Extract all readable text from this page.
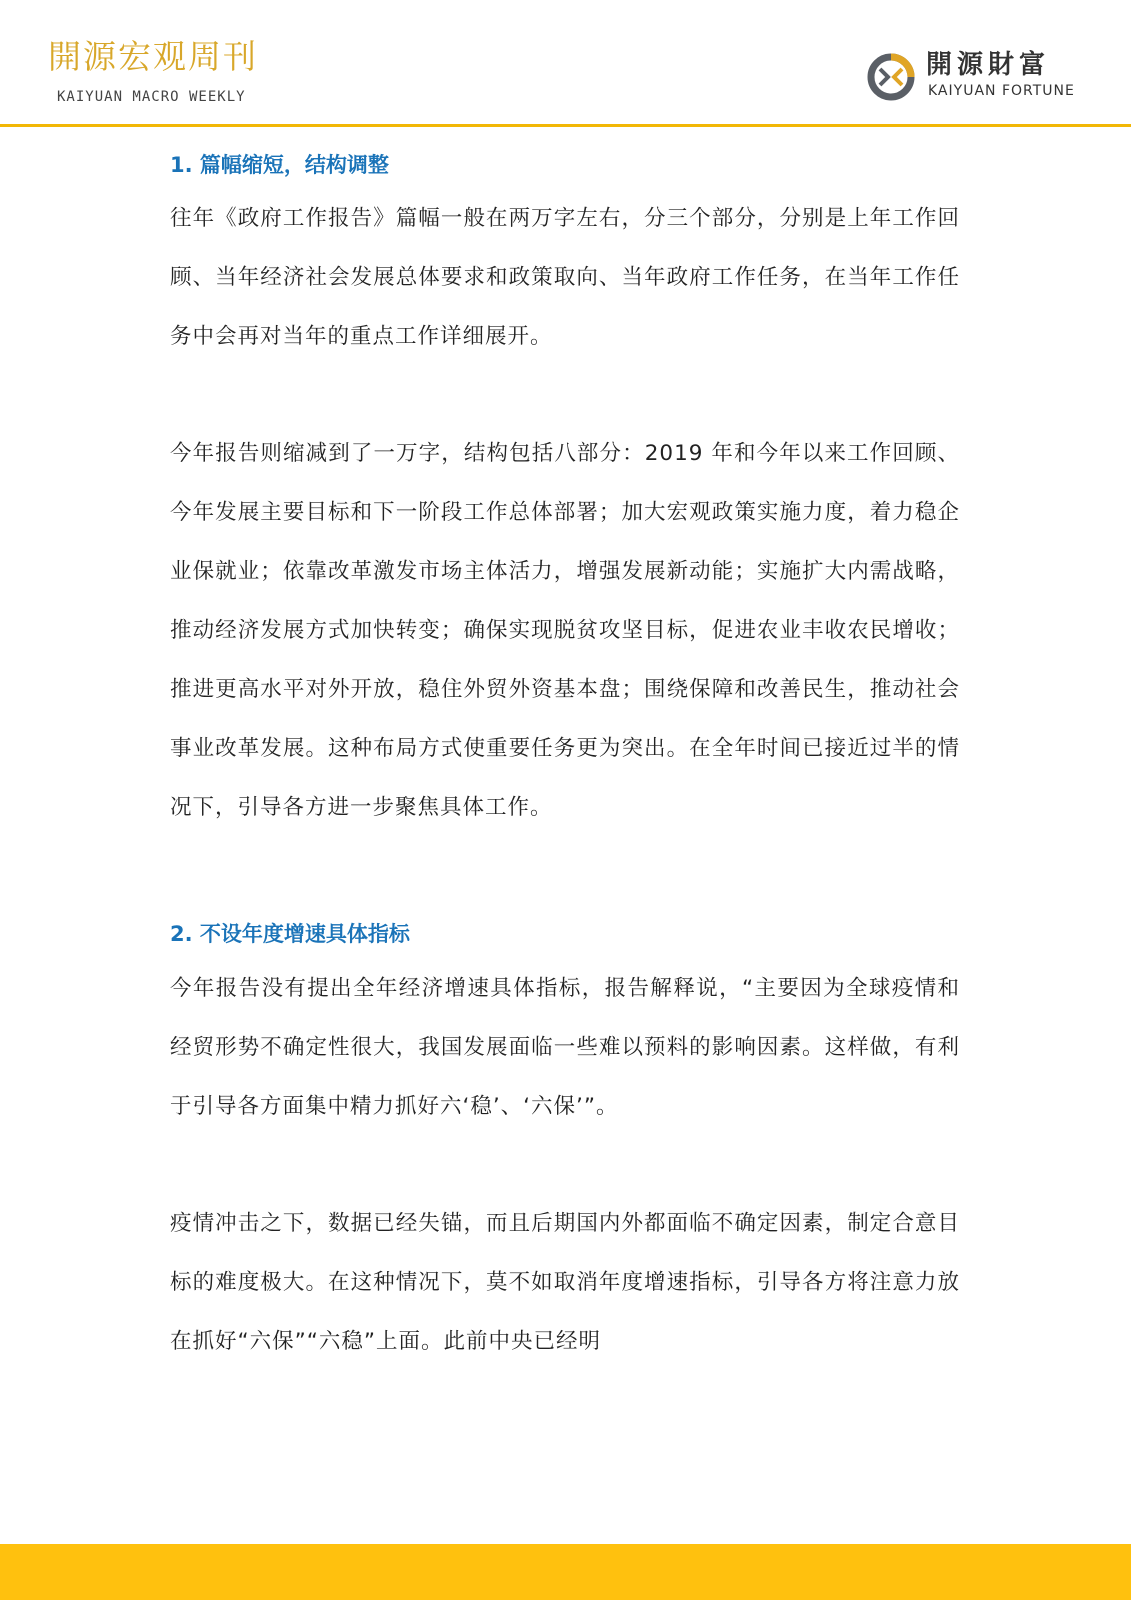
開源宏观周刊
KAIYUAN MACRO WEEKLY
開源財富
KAIYUAN FORTUNE
1. 篇幅缩短，结构调整

往年《政府工作报告》篇幅一般在两万字左右，分三个部分，分别是上年工作回顾、当年经济社会发展总体要求和政策取向、当年政府工作任务，在当年工作任务中会再对当年的重点工作详细展开。

今年报告则缩减到了一万字，结构包括八部分：2019 年和今年以来工作回顾、今年发展主要目标和下一阶段工作总体部署；加大宏观政策实施力度，着力稳企业保就业；依靠改革激发市场主体活力，增强发展新动能；实施扩大内需战略，推动经济发展方式加快转变；确保实现脱贫攻坚目标，促进农业丰收农民增收；推进更高水平对外开放，稳住外贸外资基本盘；围绕保障和改善民生，推动社会事业改革发展。这种布局方式使重要任务更为突出。在全年时间已接近过半的情况下，引导各方进一步聚焦具体工作。

2. 不设年度增速具体指标

今年报告没有提出全年经济增速具体指标，报告解释说，“主要因为全球疫情和经贸形势不确定性很大，我国发展面临一些难以预料的影响因素。这样做，有利于引导各方面集中精力抓好六‘稳’、‘六保’”。

疫情冲击之下，数据已经失锚，而且后期国内外都面临不确定因素，制定合意目标的难度极大。在这种情况下，莫不如取消年度增速指标，引导各方将注意力放在抓好“六保”“六稳”上面。此前中央已经明
